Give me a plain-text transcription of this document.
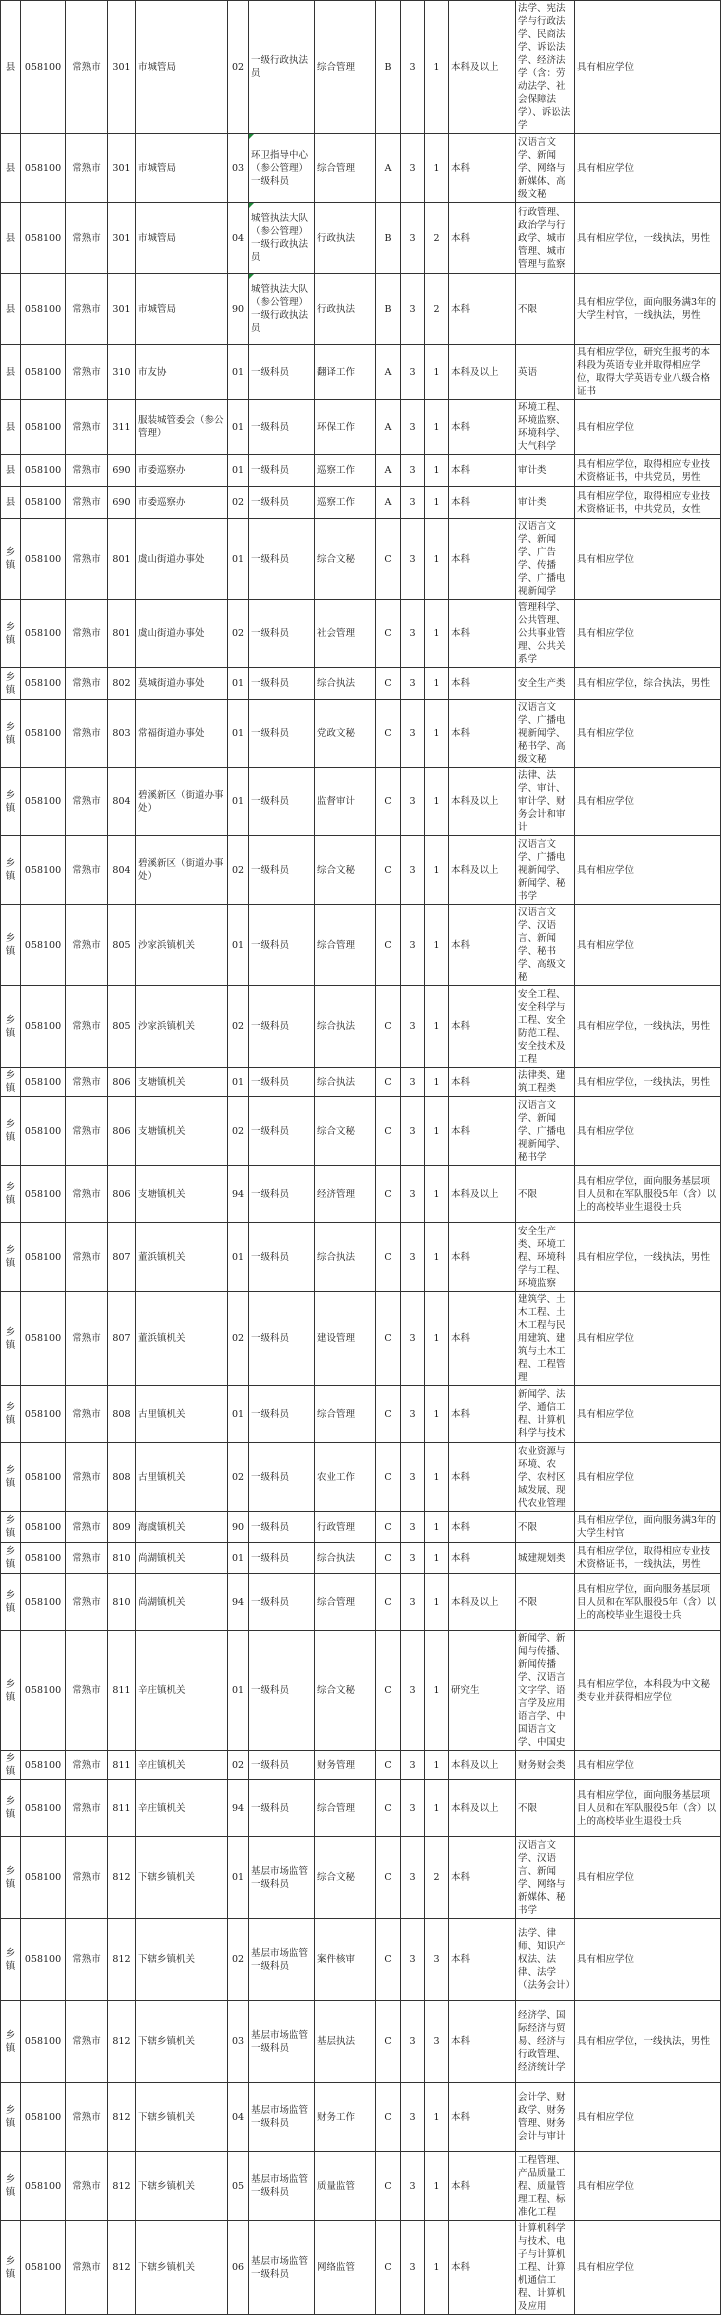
县	058100	常熟市	301	市城管局	02	一级行政执法员	综合管理	B	3	1	本科及以上	法学、宪法学与行政法学、民商法学、诉讼法学、经济法学（含：劳动法学、社会保障法学）、诉讼法学	具有相应学位
县	058100	常熟市	301	市城管局	03	环卫指导中心（参公管理）一级科员	综合管理	A	3	1	本科	汉语言文学、新闻学、网络与新媒体、高级文秘	具有相应学位
县	058100	常熟市	301	市城管局	04	城管执法大队（参公管理）一级行政执法员	行政执法	B	3	2	本科	行政管理、政治学与行政学、城市管理、城市管理与监察	具有相应学位，一线执法，男性
县	058100	常熟市	301	市城管局	90	城管执法大队（参公管理）一级行政执法员	行政执法	B	3	2	本科	不限	具有相应学位，面向服务满3年的大学生村官，一线执法，男性
县	058100	常熟市	310	市友协	01	一级科员	翻译工作	A	3	1	本科及以上	英语	具有相应学位，研究生报考的本科段为英语专业并取得相应学位，取得大学英语专业八级合格证书
县	058100	常熟市	311	服装城管委会（参公管理）	01	一级科员	环保工作	A	3	1	本科	环境工程、环境监察、环境科学、大气科学	具有相应学位
县	058100	常熟市	690	市委巡察办	01	一级科员	巡察工作	A	3	1	本科	审计类	具有相应学位，取得相应专业技术资格证书，中共党员，男性
县	058100	常熟市	690	市委巡察办	02	一级科员	巡察工作	A	3	1	本科	审计类	具有相应学位，取得相应专业技术资格证书，中共党员，女性
乡镇	058100	常熟市	801	虞山街道办事处	01	一级科员	综合文秘	C	3	1	本科	汉语言文学、新闻学、广告学、传播学、广播电视新闻学	具有相应学位
乡镇	058100	常熟市	801	虞山街道办事处	02	一级科员	社会管理	C	3	1	本科	管理科学、公共管理、公共事业管理、公共关系学	具有相应学位
乡镇	058100	常熟市	802	莫城街道办事处	01	一级科员	综合执法	C	3	1	本科	安全生产类	具有相应学位，综合执法，男性
乡镇	058100	常熟市	803	常福街道办事处	01	一级科员	党政文秘	C	3	1	本科	汉语言文学、广播电视新闻学、秘书学、高级文秘	具有相应学位
乡镇	058100	常熟市	804	碧溪新区（街道办事处）	01	一级科员	监督审计	C	3	1	本科及以上	法律、法学、审计、审计学、财务会计和审计	具有相应学位
乡镇	058100	常熟市	804	碧溪新区（街道办事处）	02	一级科员	综合文秘	C	3	1	本科及以上	汉语言文学、广播电视新闻学、新闻学、秘书学	具有相应学位
乡镇	058100	常熟市	805	沙家浜镇机关	01	一级科员	综合管理	C	3	1	本科	汉语言文学、汉语言、新闻学、秘书学、高级文秘	具有相应学位
乡镇	058100	常熟市	805	沙家浜镇机关	02	一级科员	综合执法	C	3	1	本科	安全工程、安全科学与工程、安全防范工程、安全技术及工程	具有相应学位，一线执法，男性
乡镇	058100	常熟市	806	支塘镇机关	01	一级科员	综合执法	C	3	1	本科	法律类、建筑工程类	具有相应学位，一线执法，男性
乡镇	058100	常熟市	806	支塘镇机关	02	一级科员	综合文秘	C	3	1	本科	汉语言文学、新闻学、广播电视新闻学、秘书学	具有相应学位
乡镇	058100	常熟市	806	支塘镇机关	94	一级科员	经济管理	C	3	1	本科及以上	不限	具有相应学位，面向服务基层项目人员和在军队服役5年（含）以上的高校毕业生退役士兵
乡镇	058100	常熟市	807	董浜镇机关	01	一级科员	综合执法	C	3	1	本科	安全生产类、环境工程、环境科学与工程、环境监察	具有相应学位，一线执法，男性
乡镇	058100	常熟市	807	董浜镇机关	02	一级科员	建设管理	C	3	1	本科	建筑学、土木工程、土木工程与民用建筑、建筑与土木工程、工程管理	具有相应学位
乡镇	058100	常熟市	808	古里镇机关	01	一级科员	综合管理	C	3	1	本科	新闻学、法学、通信工程、计算机科学与技术	具有相应学位
乡镇	058100	常熟市	808	古里镇机关	02	一级科员	农业工作	C	3	1	本科	农业资源与环境、农学、农村区域发展、现代农业管理	具有相应学位
乡镇	058100	常熟市	809	海虞镇机关	90	一级科员	行政管理	C	3	1	本科	不限	具有相应学位，面向服务满3年的大学生村官
乡镇	058100	常熟市	810	尚湖镇机关	01	一级科员	综合执法	C	3	1	本科	城建规划类	具有相应学位，取得相应专业技术资格证书，一线执法，男性
乡镇	058100	常熟市	810	尚湖镇机关	94	一级科员	综合管理	C	3	1	本科及以上	不限	具有相应学位，面向服务基层项目人员和在军队服役5年（含）以上的高校毕业生退役士兵
乡镇	058100	常熟市	811	辛庄镇机关	01	一级科员	综合文秘	C	3	1	研究生	新闻学、新闻与传播、新闻传播学、汉语言文字学、语言学及应用语言学、中国语言文学、中国史	具有相应学位，本科段为中文秘类专业并获得相应学位
乡镇	058100	常熟市	811	辛庄镇机关	02	一级科员	财务管理	C	3	1	本科及以上	财务财会类	具有相应学位
乡镇	058100	常熟市	811	辛庄镇机关	94	一级科员	综合管理	C	3	1	本科及以上	不限	具有相应学位，面向服务基层项目人员和在军队服役5年（含）以上的高校毕业生退役士兵
乡镇	058100	常熟市	812	下辖乡镇机关	01	基层市场监管一级科员	综合文秘	C	3	2	本科	汉语言文学、汉语言、新闻学、网络与新媒体、秘书学	具有相应学位
乡镇	058100	常熟市	812	下辖乡镇机关	02	基层市场监管一级科员	案件核审	C	3	3	本科	法学、律师、知识产权法、法律、法学（法务会计）	具有相应学位
乡镇	058100	常熟市	812	下辖乡镇机关	03	基层市场监管一级科员	基层执法	C	3	3	本科	经济学、国际经济与贸易、经济与行政管理、经济统计学	具有相应学位，一线执法，男性
乡镇	058100	常熟市	812	下辖乡镇机关	04	基层市场监管一级科员	财务工作	C	3	1	本科	会计学、财政学、财务管理、财务会计与审计	具有相应学位
乡镇	058100	常熟市	812	下辖乡镇机关	05	基层市场监管一级科员	质量监管	C	3	1	本科	工程管理、产品质量工程、质量管理工程、标准化工程	具有相应学位
乡镇	058100	常熟市	812	下辖乡镇机关	06	基层市场监管一级科员	网络监管	C	3	1	本科	计算机科学与技术、电子与计算机工程、计算机通信工程、计算机及应用	具有相应学位
